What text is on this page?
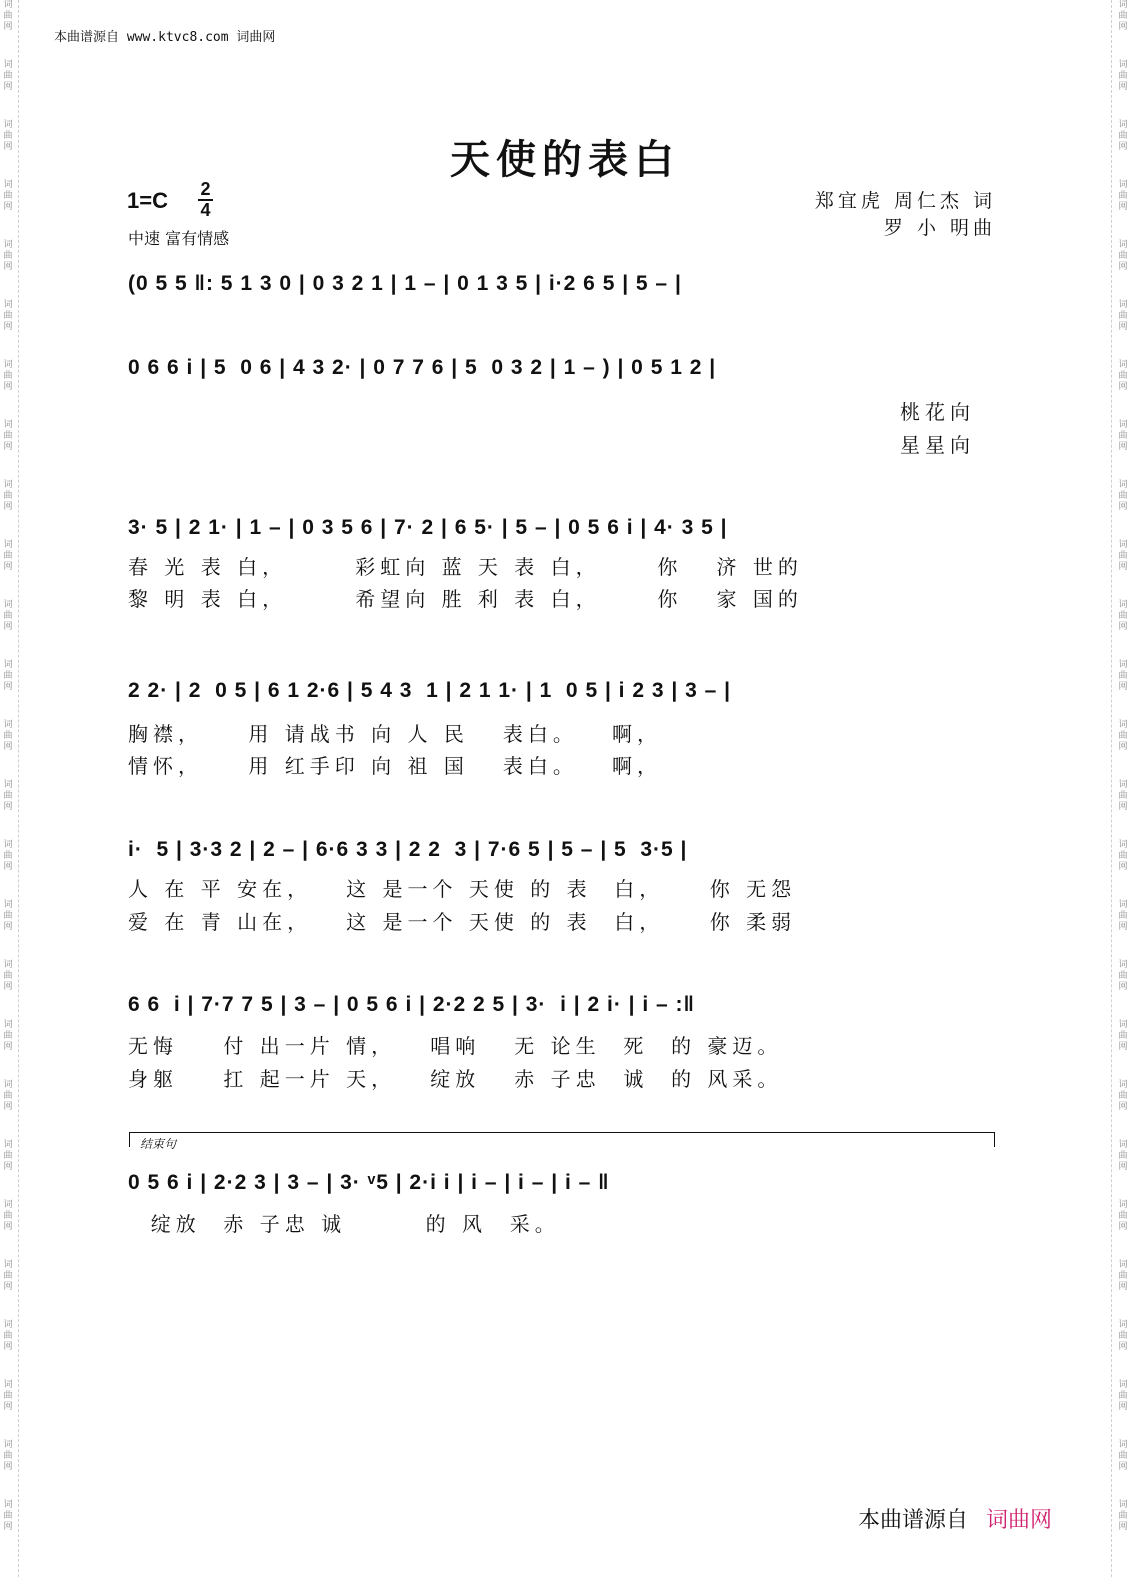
词
曲
网
词
曲
网
词
曲
网
词
曲
网
词
曲
网
词
曲
网
词
曲
网
词
曲
网
词
曲
网
词
曲
网
词
曲
网
词
曲
网
词
曲
网
词
曲
网
词
曲
网
词
曲
网
词
曲
网
词
曲
网
词
曲
网
词
曲
网
词
曲
网
词
曲
网
词
曲
网
词
曲
网
词
曲
网
词
曲
网
词
曲
网
词
曲
网
词
曲
网
词
曲
网
词
曲
网
词
曲
网
词
曲
网
词
曲
网
词
曲
网
词
曲
网
词
曲
网
词
曲
网
词
曲
网
词
曲
网
词
曲
网
词
曲
网
词
曲
网
词
曲
网
词
曲
网
词
曲
网
词
曲
网
词
曲
网
词
曲
网
词
曲
网
词
曲
网
词
曲
网
本曲谱源自 www.ktvc8.com 词曲网
天使的表白
1=C 2
4
中速 富有情感
郑宜虎 周仁杰 词
罗 小 明曲
(0 5 5 ‖: 5 1 3 0 | 0 3 2 1 | 1 – | 0 1 3 5 | i·2 6 5 | 5 – |
0 6 6 i | 5  0 6 | 4 3 2· | 0 7 7 6 | 5  0 3 2 | 1 – ) | 0 5 1 2 |
桃花向
星星向
3· 5 | 2 1· | 1 – | 0 3 5 6 | 7· 2 | 6 5· | 5 – | 0 5 6 i | 4· 3 5 |
春 光 表 白，      彩虹向 蓝 天 表 白，     你   济 世的
黎 明 表 白，      希望向 胜 利 表 白，     你   家 国的
2 2· | 2  0 5 | 6 1 2·6 | 5 4 3  1 | 2 1 1· | 1  0 5 | i 2 3 | 3 – |
胸襟，    用 请战书 向 人 民   表白。   啊，
情怀，    用 红手印 向 祖 国   表白。   啊，
i·  5 | 3·3 2 | 2 – | 6·6 3 3 | 2 2  3 | 7·6 5 | 5 – | 5  3·5 |
人 在 平 安在，   这 是一个 天使 的 表  白，    你 无怨
爱 在 青 山在，   这 是一个 天使 的 表  白，    你 柔弱
6 6  i | 7·7 7 5 | 3 – | 0 5 6 i | 2·2 2 5 | 3·  i | 2 i· | i – :‖
无悔    付 出一片 情，   唱响   无 论生  死  的 豪迈。
身躯    扛 起一片 天，   绽放   赤 子忠  诚  的 风采。
结束句
0 5 6 i | 2·2 3 | 3 – | 3· ᵛ5 | 2·i i | i – | i – | i – ‖
绽放  赤 子忠 诚       的 风  采。
本曲谱源自 词曲网
